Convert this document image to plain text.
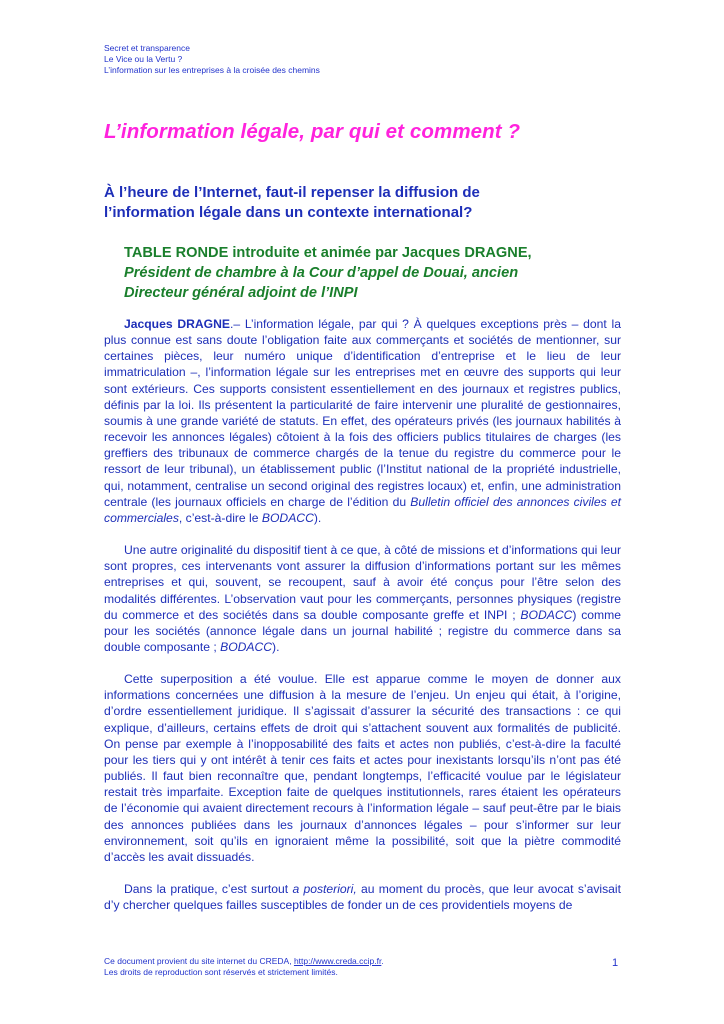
Secret et transparence
Le Vice ou la Vertu ?
L’information sur les entreprises à la croisée des chemins
L’information légale, par qui et comment ?
À l’heure de l’Internet, faut-il repenser la diffusion de
l’information légale dans un contexte international?
TABLE RONDE introduite et animée par Jacques DRAGNE,
Président de chambre à la Cour d’appel de Douai, ancien
Directeur général adjoint de l’INPI

Jacques DRAGNE.– L’information légale, par qui ? À quelques exceptions près – dont la plus connue est sans doute l’obligation faite aux commerçants et sociétés de mentionner, sur certaines pièces, leur numéro unique d’identification d’entreprise et le lieu de leur immatriculation –, l’information légale sur les entreprises met en œuvre des supports qui leur sont extérieurs. Ces supports consistent essentiellement en des journaux et registres publics, définis par la loi. Ils présentent la particularité de faire intervenir une pluralité de gestionnaires, soumis à une grande variété de statuts. En effet, des opérateurs privés (les journaux habilités à recevoir les annonces légales) côtoient à la fois des officiers publics titulaires de charges (les greffiers des tribunaux de commerce chargés de la tenue du registre du commerce pour le ressort de leur tribunal), un établissement public (l’Institut national de la propriété industrielle, qui, notamment, centralise un second original des registres locaux) et, enfin, une administration centrale (les journaux officiels en charge de l’édition du Bulletin officiel des annonces civiles et commerciales, c’est-à-dire le BODACC).

Une autre originalité du dispositif tient à ce que, à côté de missions et d’informations qui leur sont propres, ces intervenants vont assurer la diffusion d’informations portant sur les mêmes entreprises et qui, souvent, se recoupent, sauf à avoir été conçus pour l’être selon des modalités différentes. L’observation vaut pour les commerçants, personnes physiques (registre du commerce et des sociétés dans sa double composante greffe et INPI ; BODACC) comme pour les sociétés (annonce légale dans un journal habilité ; registre du commerce dans sa double composante ; BODACC).

Cette superposition a été voulue. Elle est apparue comme le moyen de donner aux informations concernées une diffusion à la mesure de l’enjeu. Un enjeu qui était, à l’origine, d’ordre essentiellement juridique. Il s’agissait d’assurer la sécurité des transactions : ce qui explique, d’ailleurs, certains effets de droit qui s’attachent souvent aux formalités de publicité. On pense par exemple à l’inopposabilité des faits et actes non publiés, c’est-à-dire la faculté pour les tiers qui y ont intérêt à tenir ces faits et actes pour inexistants lorsqu’ils n’ont pas été publiés. Il faut bien reconnaître que, pendant longtemps, l’efficacité voulue par le législateur restait très imparfaite. Exception faite de quelques institutionnels, rares étaient les opérateurs de l’économie qui avaient directement recours à l’information légale – sauf peut-être par le biais des annonces publiées dans les journaux d’annonces légales – pour s’informer sur leur environnement, soit qu’ils en ignoraient même la possibilité, soit que la piètre commodité d’accès les avait dissuadés.

Dans la pratique, c’est surtout a posteriori, au moment du procès, que leur avocat s’avisait d’y chercher quelques failles susceptibles de fonder un de ces providentiels moyens de

Ce document provient du site internet du CREDA, http://www.creda.ccip.fr.
Les droits de reproduction sont réservés et strictement limités.
1
